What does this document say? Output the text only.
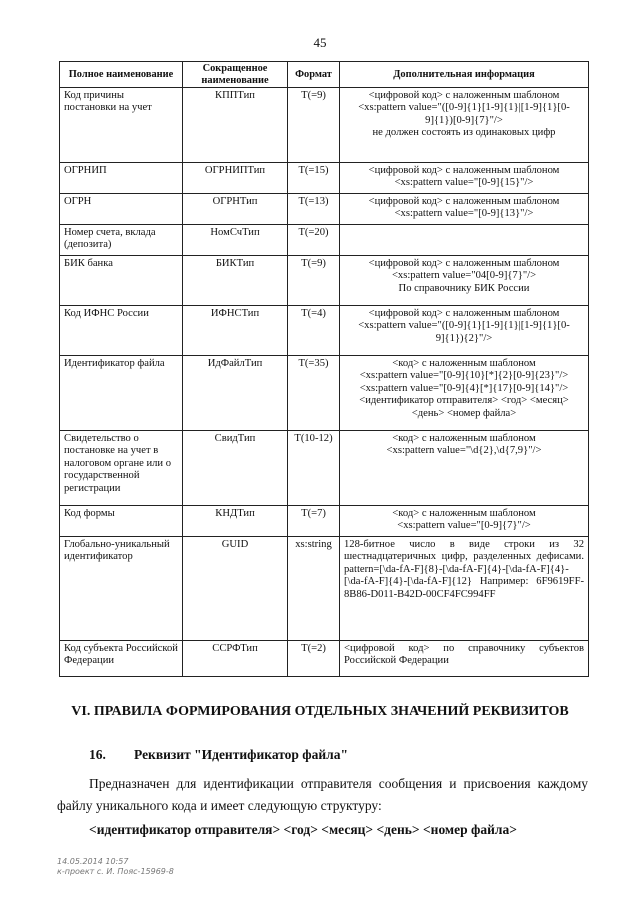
45
Полное наименование	Сокращенное наименование	Формат	Дополнительная информация
Код причины постановки на учет	КППТип	T(=9)	<цифровой код> с наложенным шаблоном
<xs:pattern value="([0-9]{1}[1-9]{1}|[1-9]{1}[0-
9]{1})[0-9]{7}"/>
не должен состоять из одинаковых цифр

ОГРНИП	ОГРНИПТип	T(=15)	<цифровой код> с наложенным шаблоном
<xs:pattern value="[0-9]{15}"/>

ОГРН	ОГРНТип	T(=13)	<цифровой код> с наложенным шаблоном
<xs:pattern value="[0-9]{13}"/>

Номер счета, вклада (депозита)	НомСчТип	T(=20)	
БИК банка	БИКТип	T(=9)	<цифровой код> с наложенным шаблоном
<xs:pattern value="04[0-9]{7}"/>
По справочнику БИК России

Код ИФНС России	ИФНСТип	T(=4)	<цифровой код> с наложенным шаблоном
<xs:pattern value="([0-9]{1}[1-9]{1}|[1-9]{1}[0-
9]{1}){2}"/>

Идентификатор файла	ИдФайлТип	T(=35)	<код> с наложенным шаблоном
<xs:pattern value="[0-9]{10}[*]{2}[0-9]{23}"/>
<xs:pattern value="[0-9]{4}[*]{17}[0-9]{14}"/>
<идентификатор отправителя> <год> <месяц>
<день> <номер файла>

Свидетельство о постановке на учет в налоговом органе или о государственной регистрации	СвидТип	T(10-12)	<код> с наложенным шаблоном
<xs:pattern value="\d{2},\d{7,9}"/>

Код формы	КНДТип	T(=7)	<код> с наложенным шаблоном
<xs:pattern value="[0-9]{7}"/>

Глобально-уникальный идентификатор	GUID	xs:string	128-битное число в виде строки из 32 шестнадцатеричных цифр, разделенных дефисами. pattern=[\da-fA-F]{8}-[\da-fA-F]{4}-[\da-fA-F]{4}-[\da-fA-F]{4}-[\da-fA-F]{12} Например: 6F9619FF-8B86-D011-B42D-00CF4FC994FF
Код субъекта Российской Федерации	ССРФТип	T(=2)	<цифровой код> по справочнику субъектов Российской Федерации
VI. ПРАВИЛА ФОРМИРОВАНИЯ ОТДЕЛЬНЫХ ЗНАЧЕНИЙ РЕКВИЗИТОВ
16. Реквизит "Идентификатор файла"

Предназначен для идентификации отправителя сообщения и присвоения каждому файлу уникального кода и имеет следующую структуру:

<идентификатор отправителя> <год> <месяц> <день> <номер файла>
14.05.2014 10:57
к-проект с. И. Пояс-15969-8
